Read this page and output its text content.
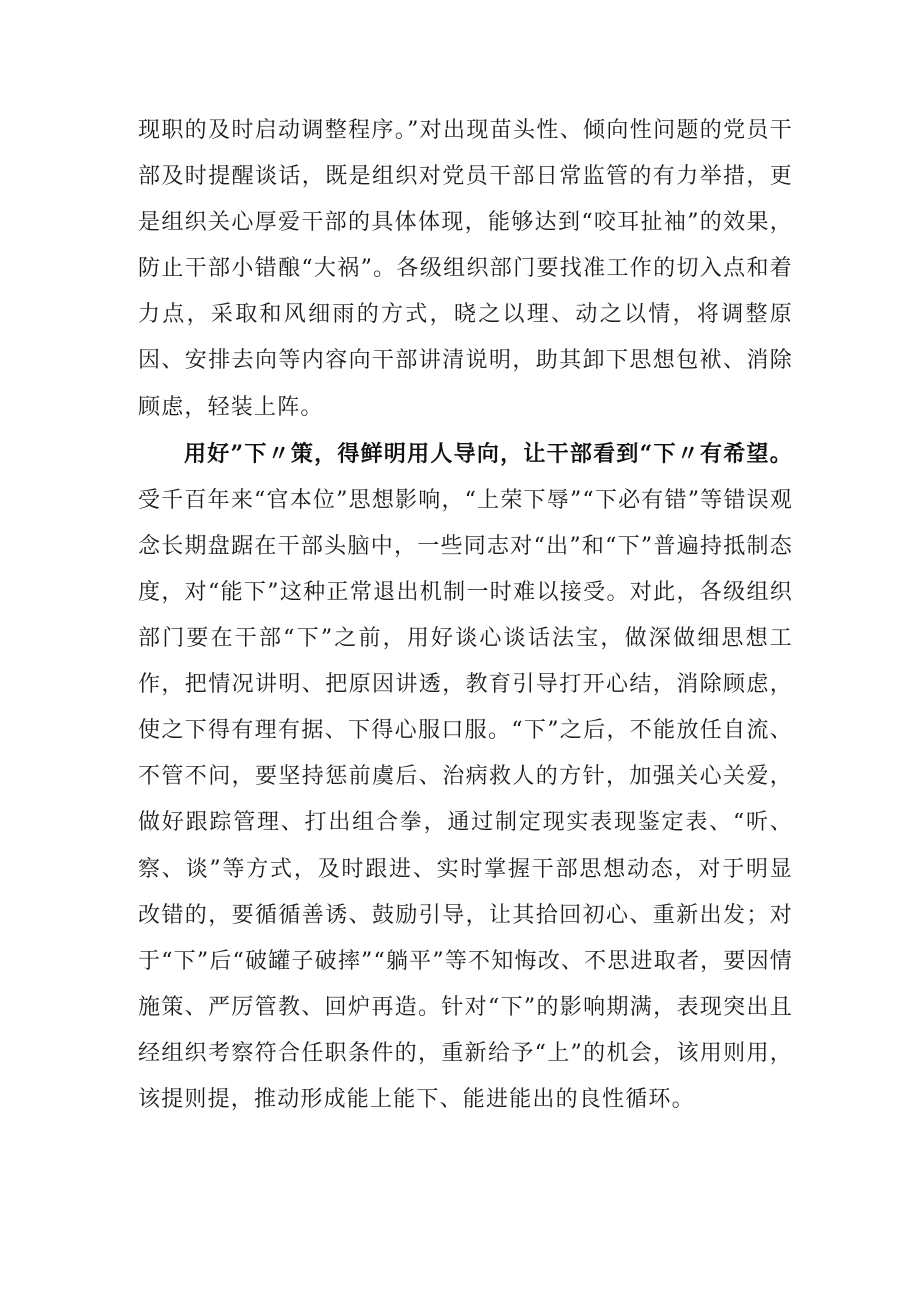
现职的及时启动调整程序。”对出现苗头性、倾向性问题的党员干部及时提醒谈话，既是组织对党员干部日常监管的有力举措，更是组织关心厚爱干部的具体体现，能够达到“咬耳扯袖”的效果，防止干部小错酿“大祸”。各级组织部门要找准工作的切入点和着力点，采取和风细雨的方式，晓之以理、动之以情，将调整原因、安排去向等内容向干部讲清说明，助其卸下思想包袱、消除顾虑，轻装上阵。

用好”下〃策，得鲜明用人导向，让干部看到“下〃有希望。受千百年来“官本位”思想影响，“上荣下辱”“下必有错”等错误观念长期盘踞在干部头脑中，一些同志对“出”和“下”普遍持抵制态度，对“能下”这种正常退出机制一时难以接受。对此，各级组织部门要在干部“下”之前，用好谈心谈话法宝，做深做细思想工作，把情况讲明、把原因讲透，教育引导打开心结，消除顾虑，使之下得有理有据、下得心服口服。“下”之后，不能放任自流、不管不问，要坚持惩前虞后、治病救人的方针，加强关心关爱，做好跟踪管理、打出组合拳，通过制定现实表现鉴定表、“听、察、谈”等方式，及时跟进、实时掌握干部思想动态，对于明显改错的，要循循善诱、鼓励引导，让其拾回初心、重新出发；对于“下”后“破罐子破摔”“躺平”等不知悔改、不思进取者，要因情施策、严厉管教、回炉再造。针对“下”的影响期满，表现突出且经组织考察符合任职条件的，重新给予“上”的机会，该用则用，该提则提，推动形成能上能下、能进能出的良性循环。
